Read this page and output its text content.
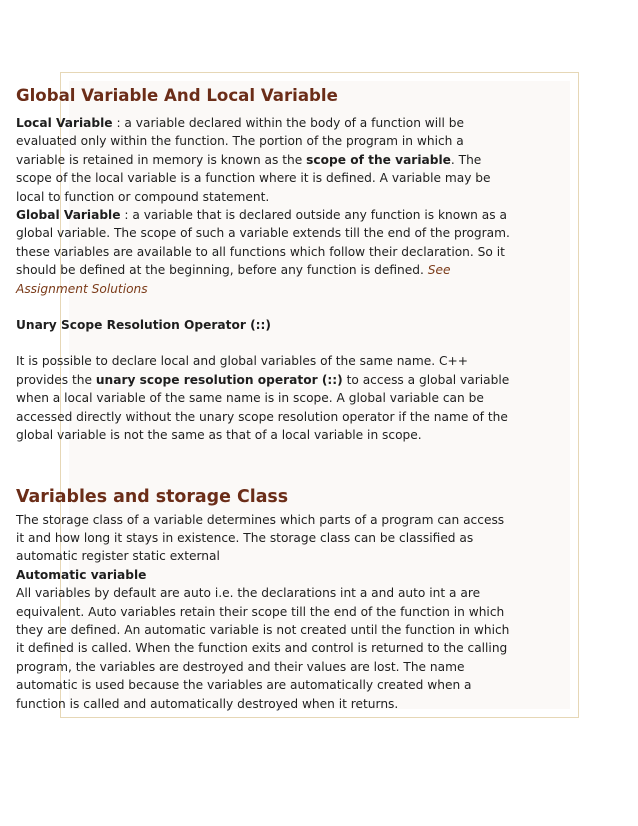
Global Variable And Local Variable

Local Variable : a variable declared within the body of a function will be evaluated only within the function. The portion of the program in which a variable is retained in memory is known as the scope of the variable. The scope of the local variable is a function where it is defined. A variable may be local to function or compound statement.

Global Variable : a variable that is declared outside any function is known as a global variable. The scope of such a variable extends till the end of the program. these variables are available to all functions which follow their declaration. So it should be defined at the beginning, before any function is defined. See Assignment Solutions

Unary Scope Resolution Operator (::)

It is possible to declare local and global variables of the same name. C++ provides the unary scope resolution operator (::) to access a global variable when a local variable of the same name is in scope. A global variable can be accessed directly without the unary scope resolution operator if the name of the global variable is not the same as that of a local variable in scope.

Variables and storage Class

The storage class of a variable determines which parts of a program can access it and how long it stays in existence. The storage class can be classified as automatic register static external

Automatic variable

All variables by default are auto i.e. the declarations int a and auto int a are equivalent. Auto variables retain their scope till the end of the function in which they are defined. An automatic variable is not created until the function in which it defined is called. When the function exits and control is returned to the calling program, the variables are destroyed and their values are lost. The name automatic is used because the variables are automatically created when a function is called and automatically destroyed when it returns.
